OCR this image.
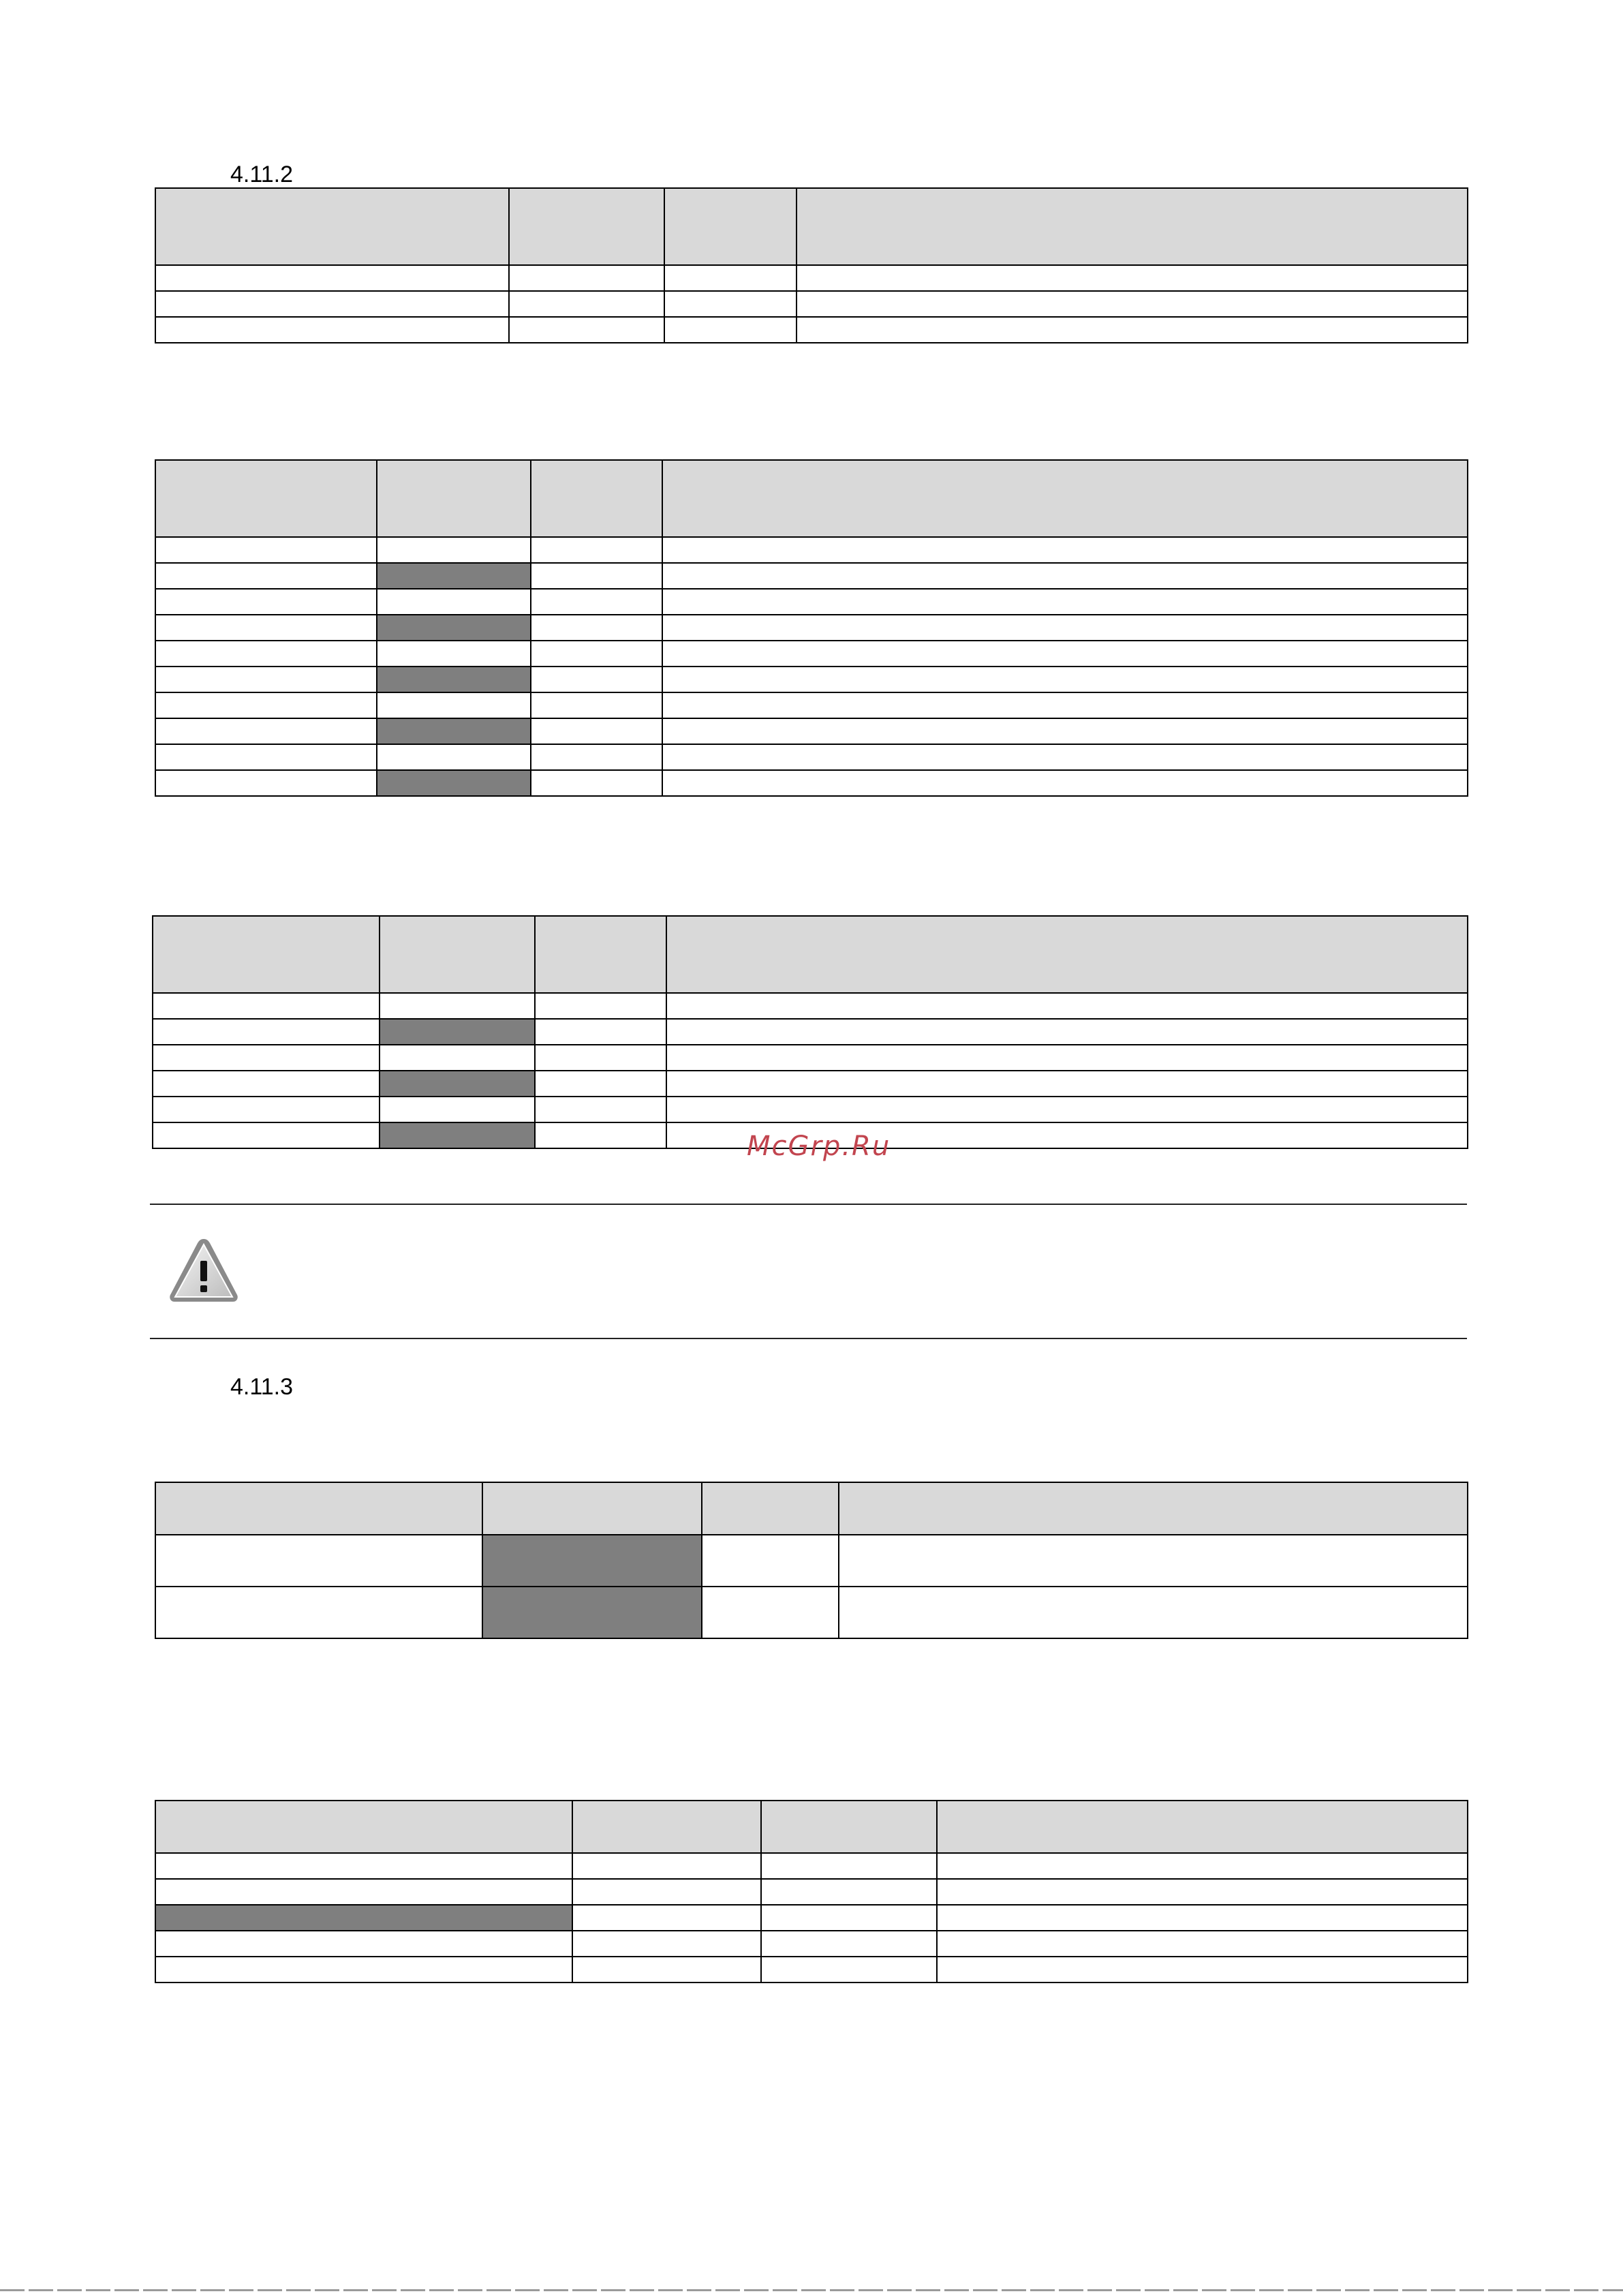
4.11.2

McGrp.Ru
4.11.3
